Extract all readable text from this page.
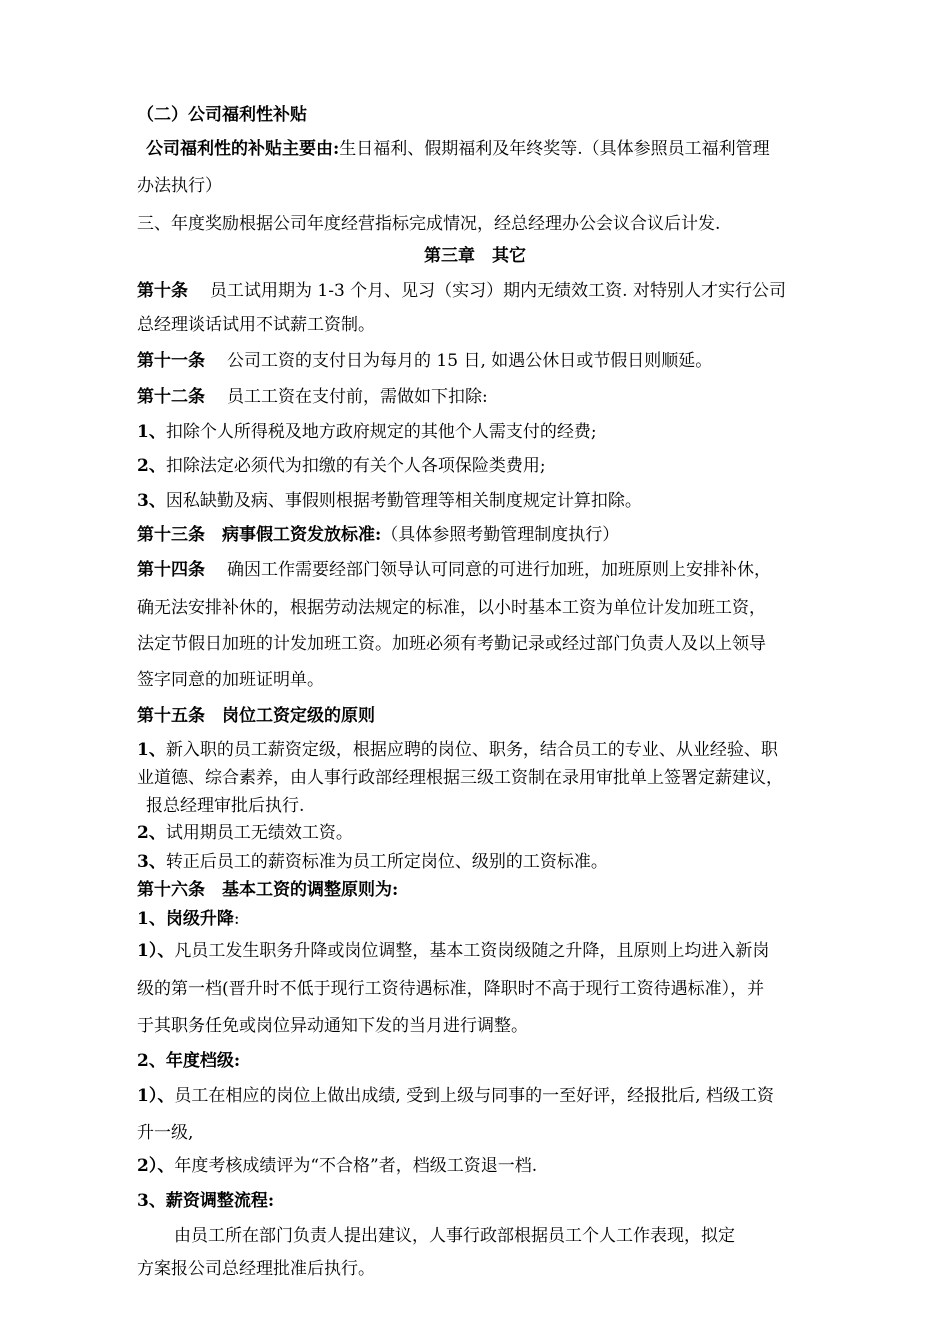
（二）公司福利性补贴
公司福利性的补贴主要由:生日福利、假期福利及年终奖等.（具体参照员工福利管理
办法执行）
三、年度奖励根据公司年度经营指标完成情况，经总经理办公会议合议后计发.
第三章　其它
第十条 员工试用期为 1-3 个月、见习（实习）期内无绩效工资. 对特别人才实行公司
总经理谈话试用不试薪工资制。
第十一条 公司工资的支付日为每月的 15 日, 如遇公休日或节假日则顺延。
第十二条 员工工资在支付前，需做如下扣除:
1、扣除个人所得税及地方政府规定的其他个人需支付的经费;
2、扣除法定必须代为扣缴的有关个人各项保险类费用;
3、因私缺勤及病、事假则根据考勤管理等相关制度规定计算扣除。
第十三条　病事假工资发放标准:（具体参照考勤管理制度执行）
第十四条 确因工作需要经部门领导认可同意的可进行加班，加班原则上安排补休，
确无法安排补休的，根据劳动法规定的标准，以小时基本工资为单位计发加班工资，
法定节假日加班的计发加班工资。加班必须有考勤记录或经过部门负责人及以上领导
签字同意的加班证明单。
第十五条　岗位工资定级的原则
1、新入职的员工薪资定级，根据应聘的岗位、职务，结合员工的专业、从业经验、职
业道德、综合素养，由人事行政部经理根据三级工资制在录用审批单上签署定薪建议，
报总经理审批后执行.
2、试用期员工无绩效工资。
3、转正后员工的薪资标准为员工所定岗位、级别的工资标准。
第十六条　基本工资的调整原则为:
1、岗级升降:
1）、凡员工发生职务升降或岗位调整，基本工资岗级随之升降，且原则上均进入新岗
级的第一档(晋升时不低于现行工资待遇标准，降职时不高于现行工资待遇标准），并
于其职务任免或岗位异动通知下发的当月进行调整。
2、年度档级:
1）、员工在相应的岗位上做出成绩, 受到上级与同事的一至好评，经报批后, 档级工资
升一级,
2）、年度考核成绩评为“不合格”者，档级工资退一档.
3、薪资调整流程:
由员工所在部门负责人提出建议，人事行政部根据员工个人工作表现，拟定
方案报公司总经理批准后执行。
